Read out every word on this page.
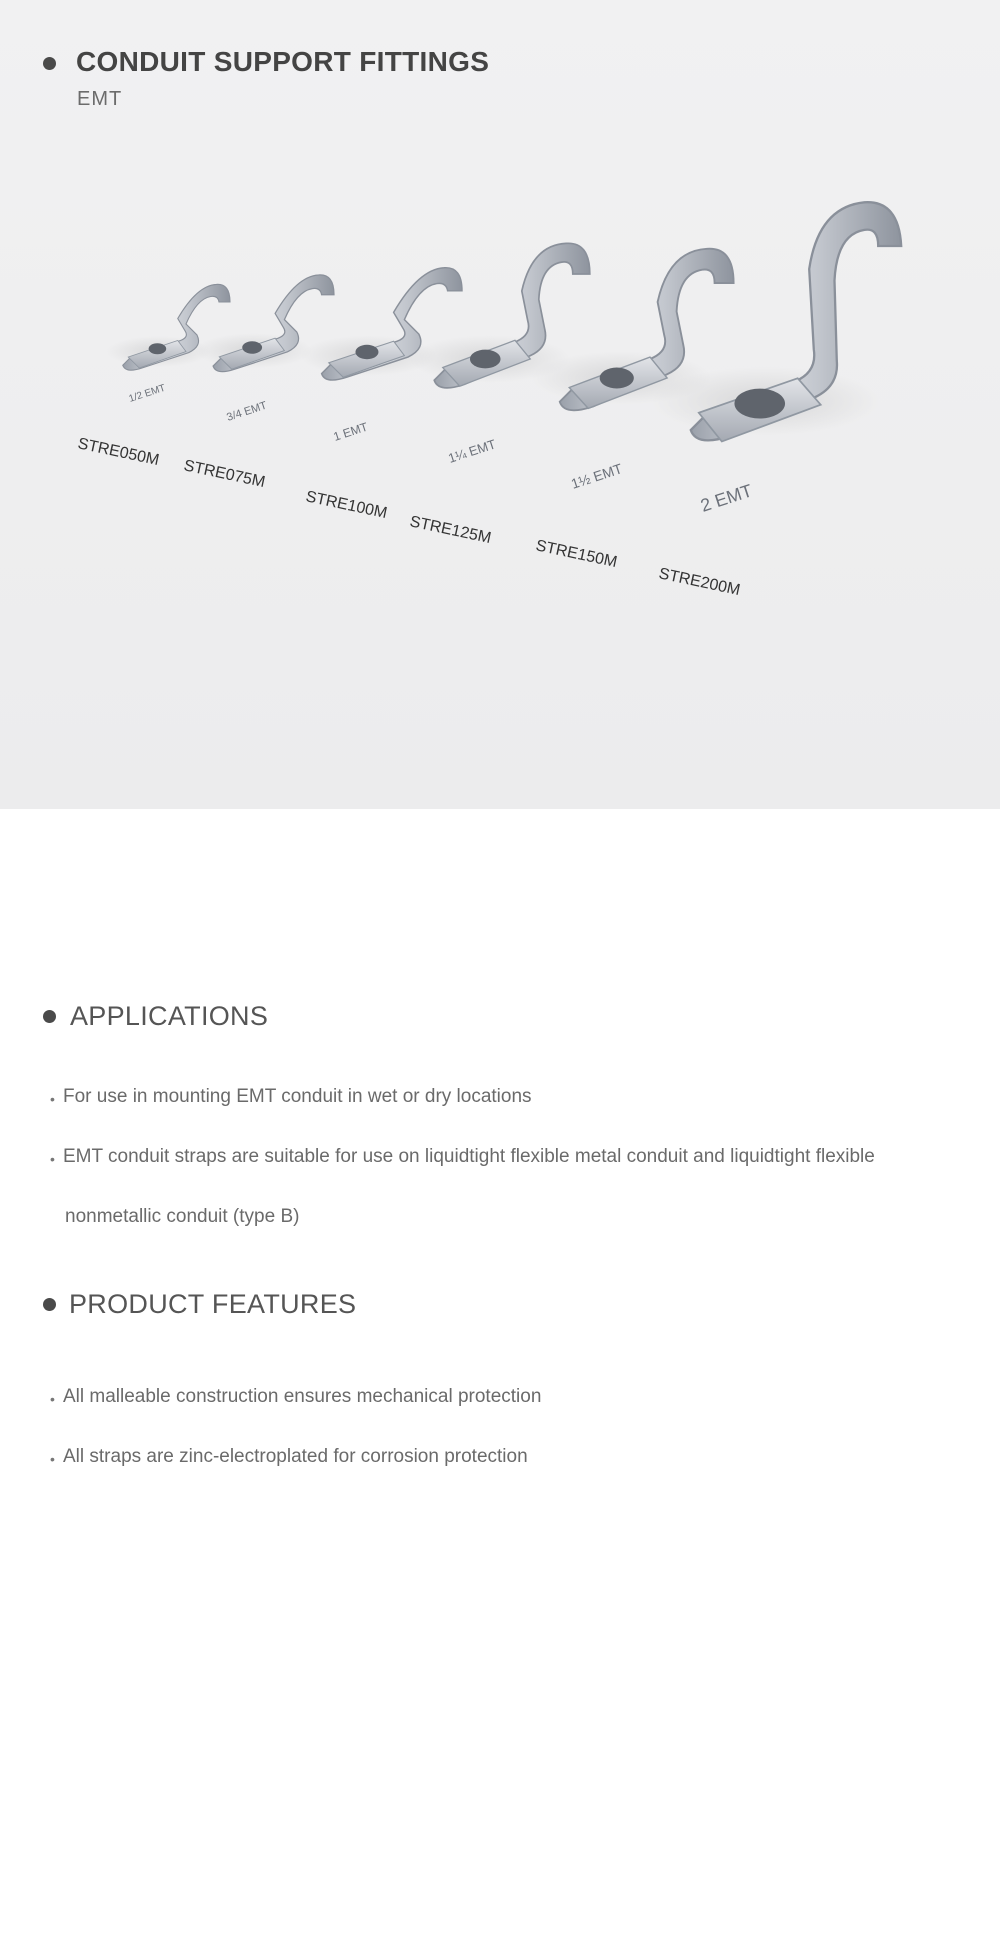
CONDUIT SUPPORT FITTINGS
EMT
1/2 EMT
3/4 EMT
1 EMT
1¼ EMT
1½ EMT
2 EMT
STRE050M
STRE075M
STRE100M
STRE125M
STRE150M
STRE200M
APPLICATIONS
• For use in mounting EMT conduit in wet or dry locations
• EMT conduit straps are suitable for use on liquidtight flexible metal conduit and liquidtight flexible
nonmetallic conduit (type B)
PRODUCT FEATURES
• All malleable construction ensures mechanical protection
• All straps are zinc-electroplated for corrosion protection
